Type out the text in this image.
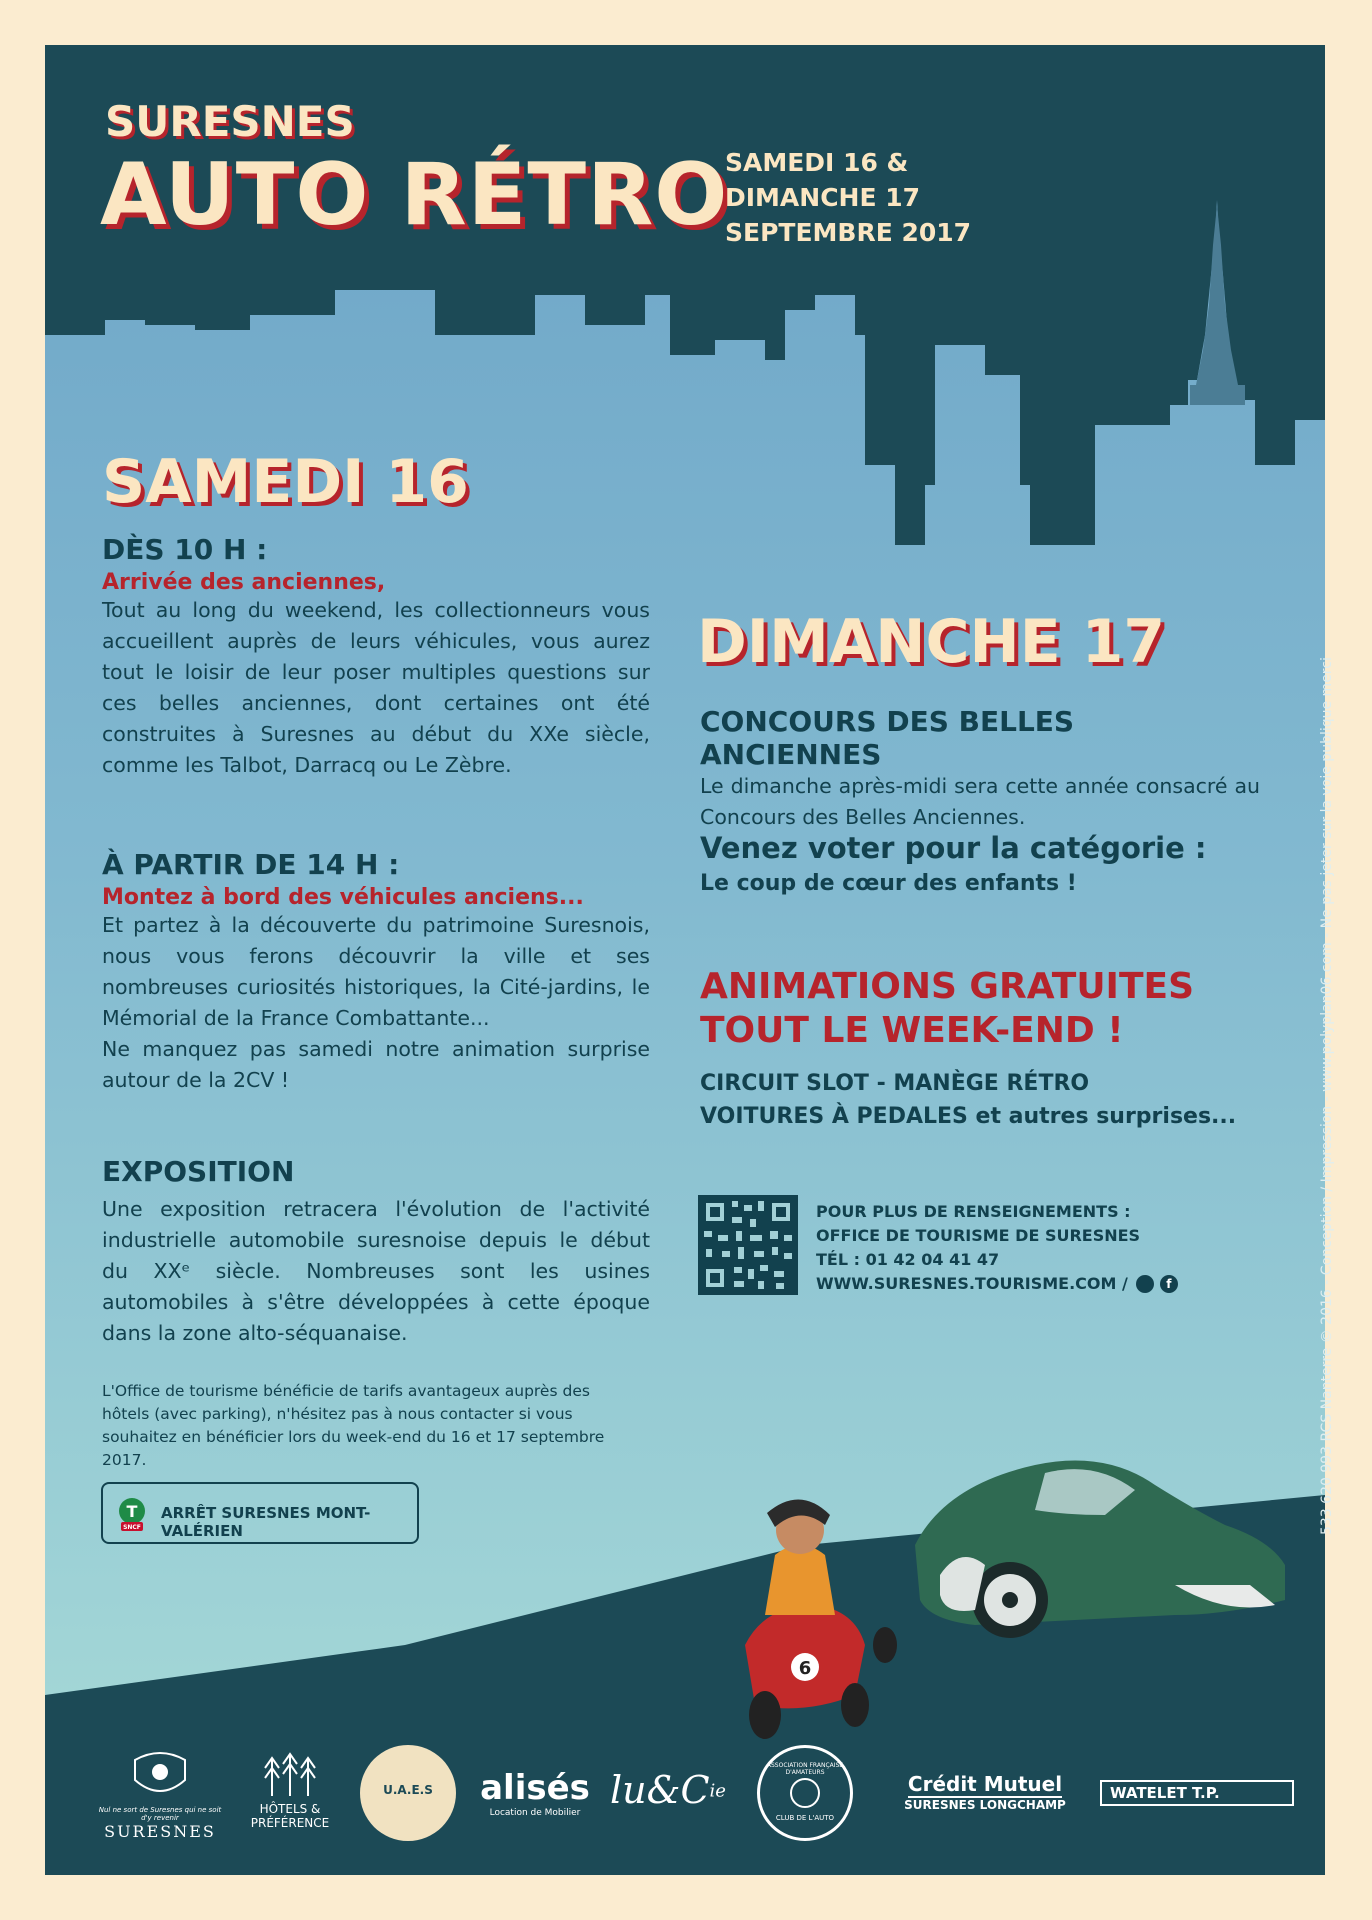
SURESNES
AUTO RÉTRO
SAMEDI 16 &
DIMANCHE 17
SEPTEMBRE 2017
SAMEDI 16
DÈS 10 H :
Arrivée des anciennes,
Tout au long du weekend, les collectionneurs vous accueillent auprès de leurs véhicules, vous aurez tout le loisir de leur poser multiples questions sur ces belles anciennes, dont certaines ont été construites à Suresnes au début du XXe siècle, comme les Talbot, Darracq ou Le Zèbre.
À PARTIR DE 14 H :
Montez à bord des véhicules anciens...
Et partez à la découverte du patrimoine Suresnois, nous vous ferons découvrir la ville et ses nombreuses curiosités historiques, la Cité-jardins, le Mémorial de la France Combattante...
Ne manquez pas samedi notre animation surprise autour de la 2CV !
EXPOSITION
Une exposition retracera l'évolution de l'activité industrielle automobile suresnoise depuis le début du XXᵉ siècle. Nombreuses sont les usines automobiles à s'être développées à cette époque dans la zone alto-séquanaise.
L'Office de tourisme bénéficie de tarifs avantageux auprès des hôtels (avec parking), n'hésitez pas à nous contacter si vous souhaitez en bénéficier lors du week-end du 16 et 17 septembre 2017.
T
SNCF
ARRÊT SURESNES MONT-VALÉRIEN
DIMANCHE 17
CONCOURS DES BELLES ANCIENNES
Le dimanche après-midi sera cette année consacré au Concours des Belles Anciennes.
Venez voter pour la catégorie :
Le coup de cœur des enfants !
ANIMATIONS GRATUITES
TOUT LE WEEK-END !
CIRCUIT SLOT - MANÈGE RÉTRO
VOITURES À PEDALES et autres surprises...
POUR PLUS DE RENSEIGNEMENTS :
OFFICE DE TOURISME DE SURESNES
TÉL : 01 42 04 41 47
WWW.SURESNES.TOURISME.COM /	f	533 620 993 RCS Nanterre © 2016 - Conception / Impression - www.polyplan06.com - Ne pas jeter sur la voie publique merci
6
Nul ne sort de Suresnes qui ne soit d'y revenir
SURESNES
HÔTELS &
PRÉFÉRENCE
U.A.E.S	alisés
Location de Mobilier
$lu\&C^{ie}$
ASSOCIATION FRANÇAISE D'AMATEURS
CLUB DE L'AUTO
Crédit Mutuel
SURESNES LONGCHAMP
WATELET T.P.
